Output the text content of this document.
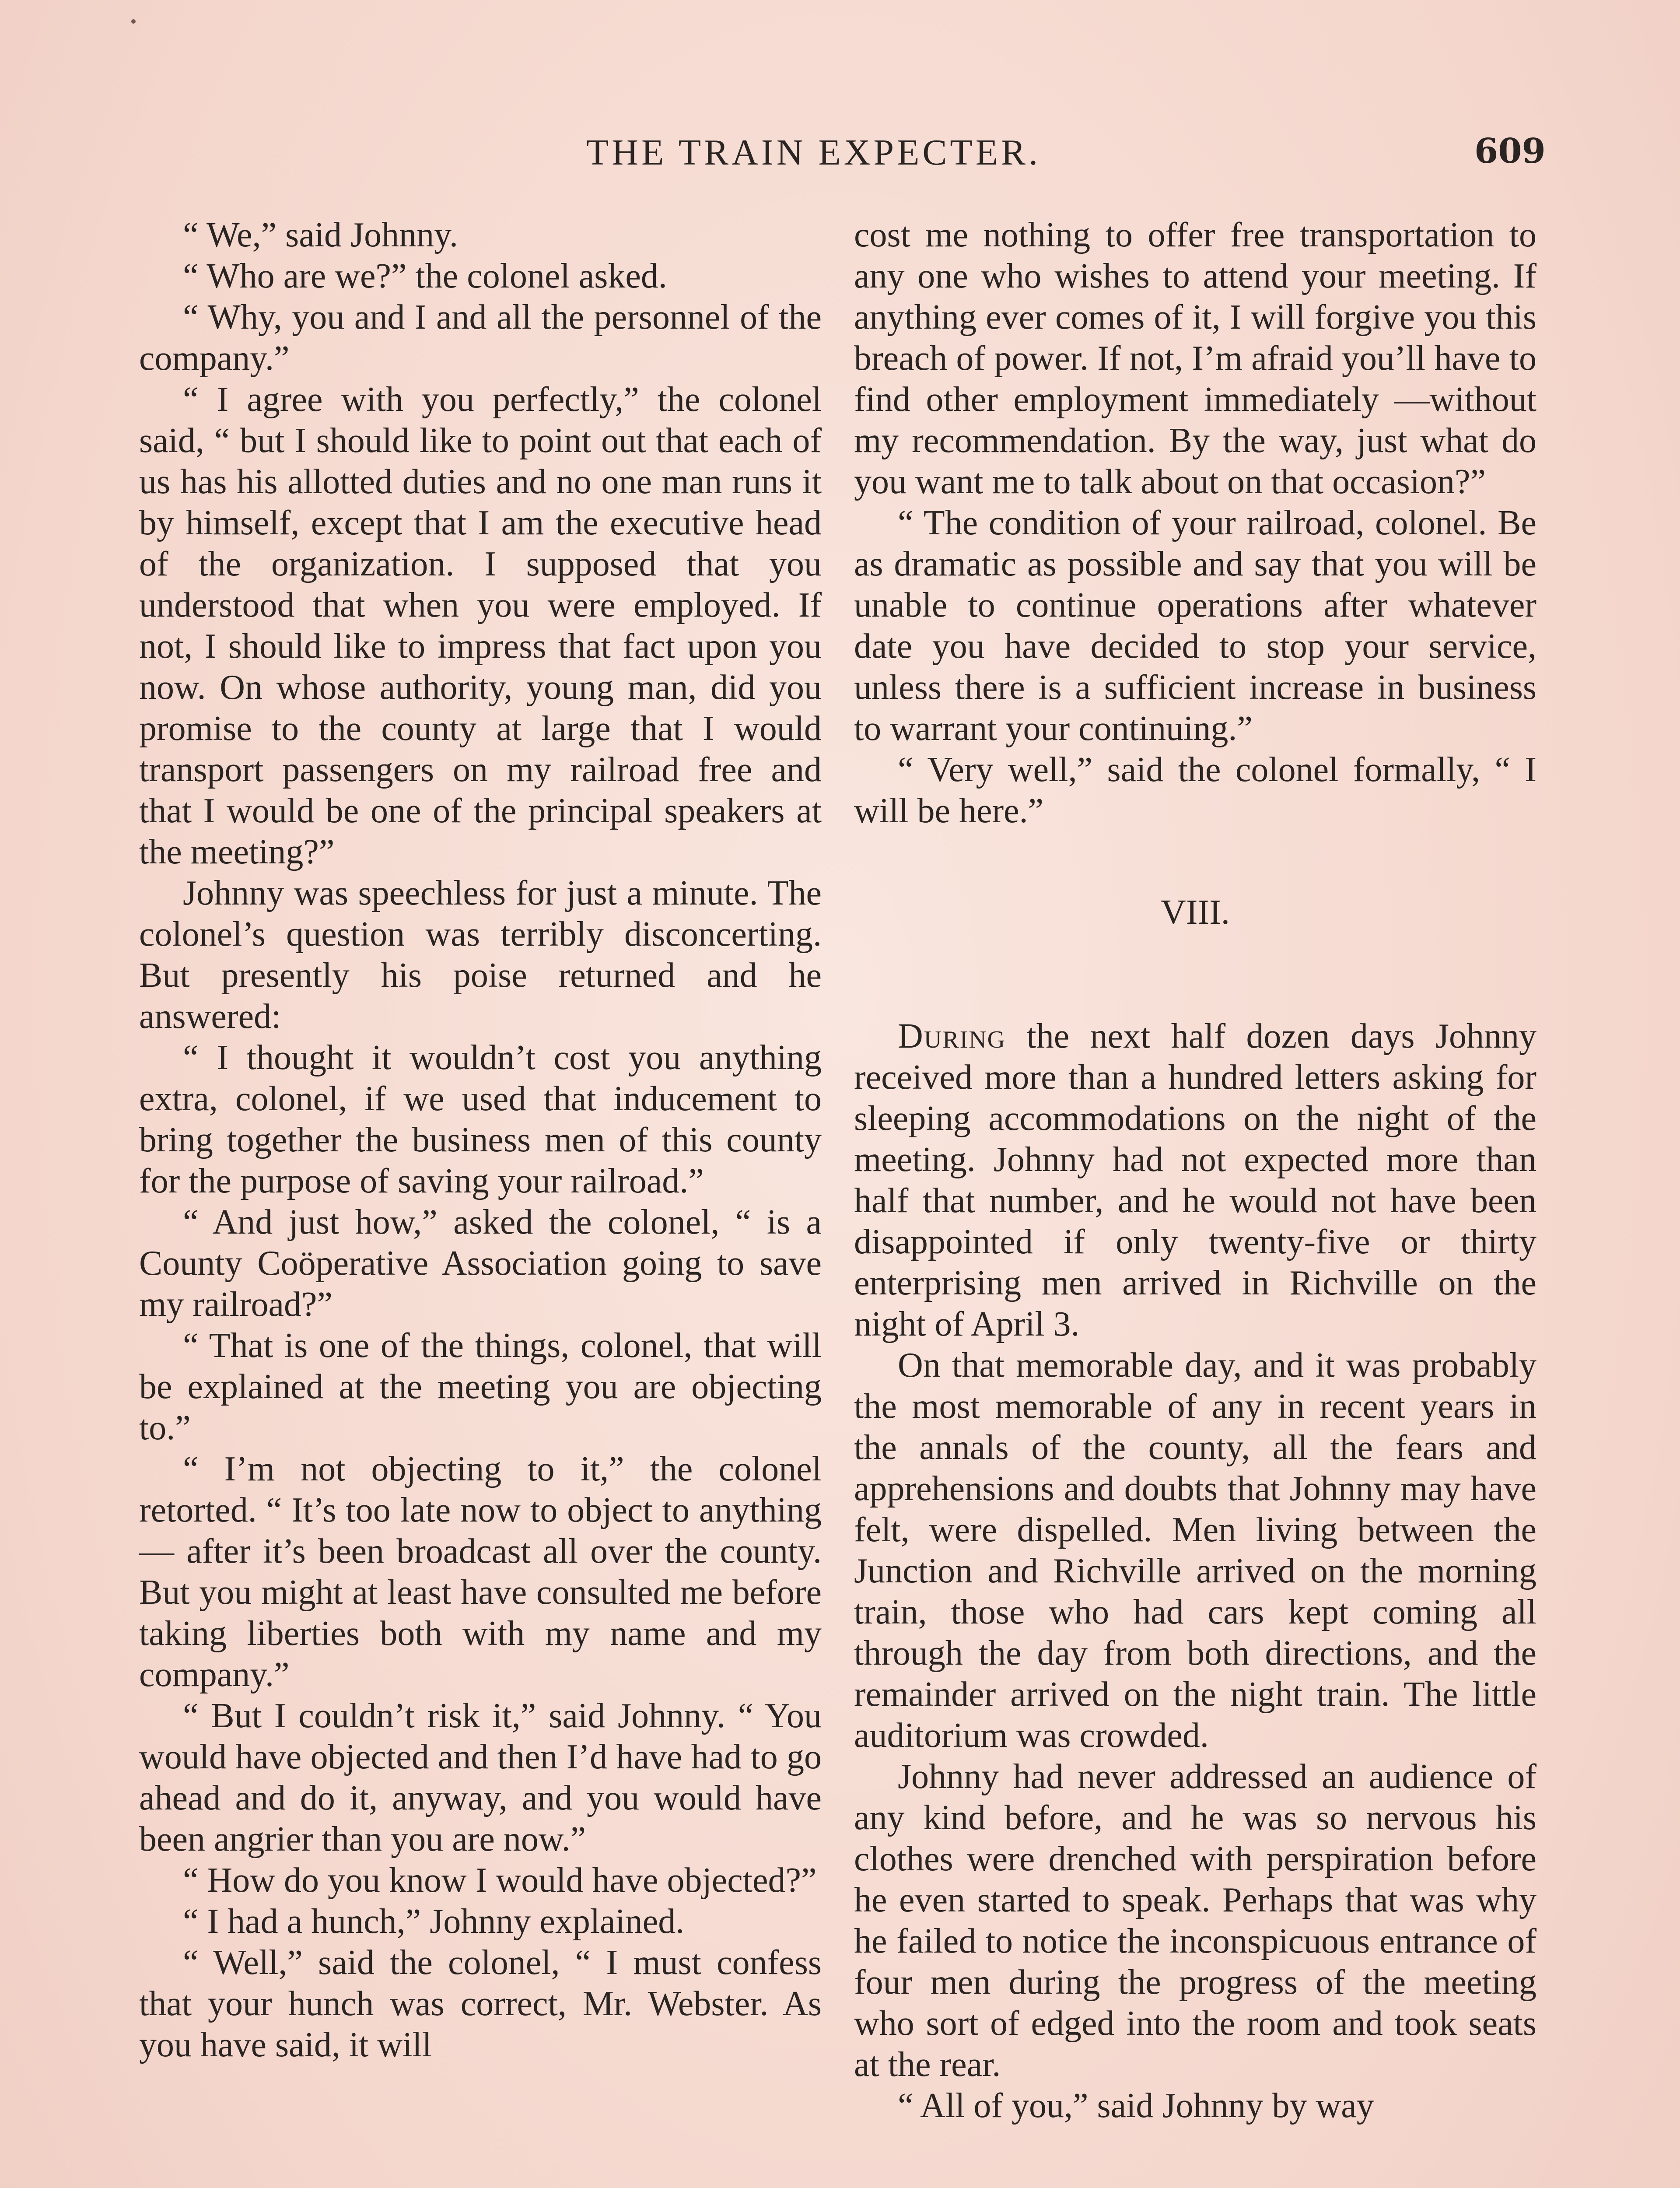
THE TRAIN EXPECTER.	609

“ We,” said Johnny.

“ Who are we?” the colonel asked.

“ Why, you and I and all the personnel of the company.”

“ I agree with you perfectly,” the colonel said, “ but I should like to point out that each of us has his allotted duties and no one man runs it by himself, except that I am the executive head of the organization. I supposed that you understood that when you were employed. If not, I should like to impress that fact upon you now. On whose authority, young man, did you promise to the county at large that I would transport passengers on my railroad free and that I would be one of the principal speakers at the meeting?”

Johnny was speechless for just a minute. The colonel’s question was terribly disconcerting. But presently his poise returned and he answered:

“ I thought it wouldn’t cost you anything extra, colonel, if we used that inducement to bring together the business men of this county for the purpose of saving your railroad.”

“ And just how,” asked the colonel, “ is a County Coöperative Association going to save my railroad?”

“ That is one of the things, colonel, that will be explained at the meeting you are objecting to.”

“ I’m not objecting to it,” the colonel retorted. “ It’s too late now to object to anything — after it’s been broadcast all over the county. But you might at least have consulted me before taking liberties both with my name and my company.”

“ But I couldn’t risk it,” said Johnny. “ You would have objected and then I’d have had to go ahead and do it, anyway, and you would have been angrier than you are now.”

“ How do you know I would have objected?”

“ I had a hunch,” Johnny explained.

“ Well,” said the colonel, “ I must confess that your hunch was correct, Mr. Webster. As you have said, it will

cost me nothing to offer free transportation to any one who wishes to attend your meeting. If anything ever comes of it, I will forgive you this breach of power. If not, I’m afraid you’ll have to find other employment immediately —without my recommendation. By the way, just what do you want me to talk about on that occasion?”

“ The condition of your railroad, colonel. Be as dramatic as possible and say that you will be unable to continue operations after whatever date you have decided to stop your service, unless there is a sufficient increase in business to warrant your continuing.”

“ Very well,” said the colonel formally, “ I will be here.”

VIII.

During the next half dozen days Johnny received more than a hundred letters asking for sleeping accommodations on the night of the meeting. Johnny had not expected more than half that number, and he would not have been disappointed if only twenty-five or thirty enterprising men arrived in Richville on the night of April 3.

On that memorable day, and it was probably the most memorable of any in recent years in the annals of the county, all the fears and apprehensions and doubts that Johnny may have felt, were dispelled. Men living between the Junction and Richville arrived on the morning train, those who had cars kept coming all through the day from both directions, and the remainder arrived on the night train. The little auditorium was crowded.

Johnny had never addressed an audience of any kind before, and he was so nervous his clothes were drenched with perspiration before he even started to speak. Perhaps that was why he failed to notice the inconspicuous entrance of four men during the progress of the meeting who sort of edged into the room and took seats at the rear.

“ All of you,” said Johnny by way
